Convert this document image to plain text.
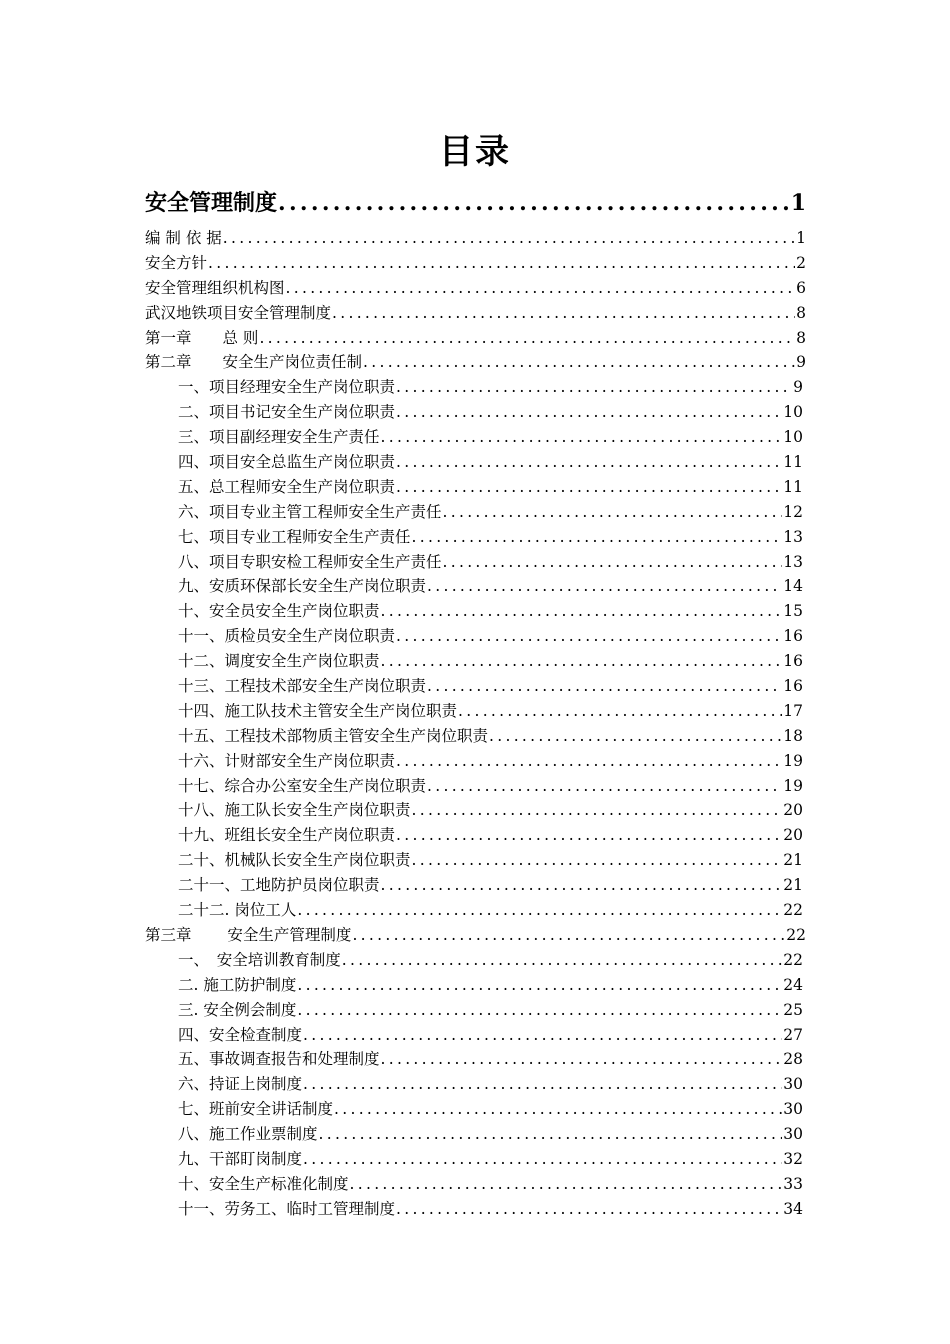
目录
安全管理制度 .....	1
编 制 依 据 .....	1
安全方针 .....	2
安全管理组织机构图 .....	6
武汉地铁项目安全管理制度 .....	8
第一章　　总 则 .....	8
第二章　　安全生产岗位责任制 .....	9
一、项目经理安全生产岗位职责 .....	9
二、项目书记安全生产岗位职责 .....	10
三、项目副经理安全生产责任 .....	10
四、项目安全总监生产岗位职责 .....	11
五、总工程师安全生产岗位职责 .....	11
六、项目专业主管工程师安全生产责任 .....	12
七、项目专业工程师安全生产责任 .....	13
八、项目专职安检工程师安全生产责任 .....	13
九、安质环保部长安全生产岗位职责 .....	14
十、安全员安全生产岗位职责 .....	15
十一、质检员安全生产岗位职责 .....	16
十二、调度安全生产岗位职责 .....	16
十三、工程技术部安全生产岗位职责 .....	16
十四、施工队技术主管安全生产岗位职责 .....	17
十五、工程技术部物质主管安全生产岗位职责 .....	18
十六、计财部安全生产岗位职责 .....	19
十七、综合办公室安全生产岗位职责 .....	19
十八、施工队长安全生产岗位职责 .....	20
十九、班组长安全生产岗位职责 .....	20
二十、机械队长安全生产岗位职责 .....	21
二十一、工地防护员岗位职责 .....	21
二十二. 岗位工人 .....	22
第三章　　 安全生产管理制度 .....	22
一、　安全培训教育制度 .....	22
二. 施工防护制度 .....	24
三. 安全例会制度 .....	25
四、安全检查制度 .....	27
五、事故调查报告和处理制度 .....	28
六、持证上岗制度 .....	30
七、班前安全讲话制度 .....	30
八、施工作业票制度 .....	30
九、干部盯岗制度 .....	32
十、安全生产标准化制度 .....	33
十一、劳务工、临时工管理制度 .....	34
